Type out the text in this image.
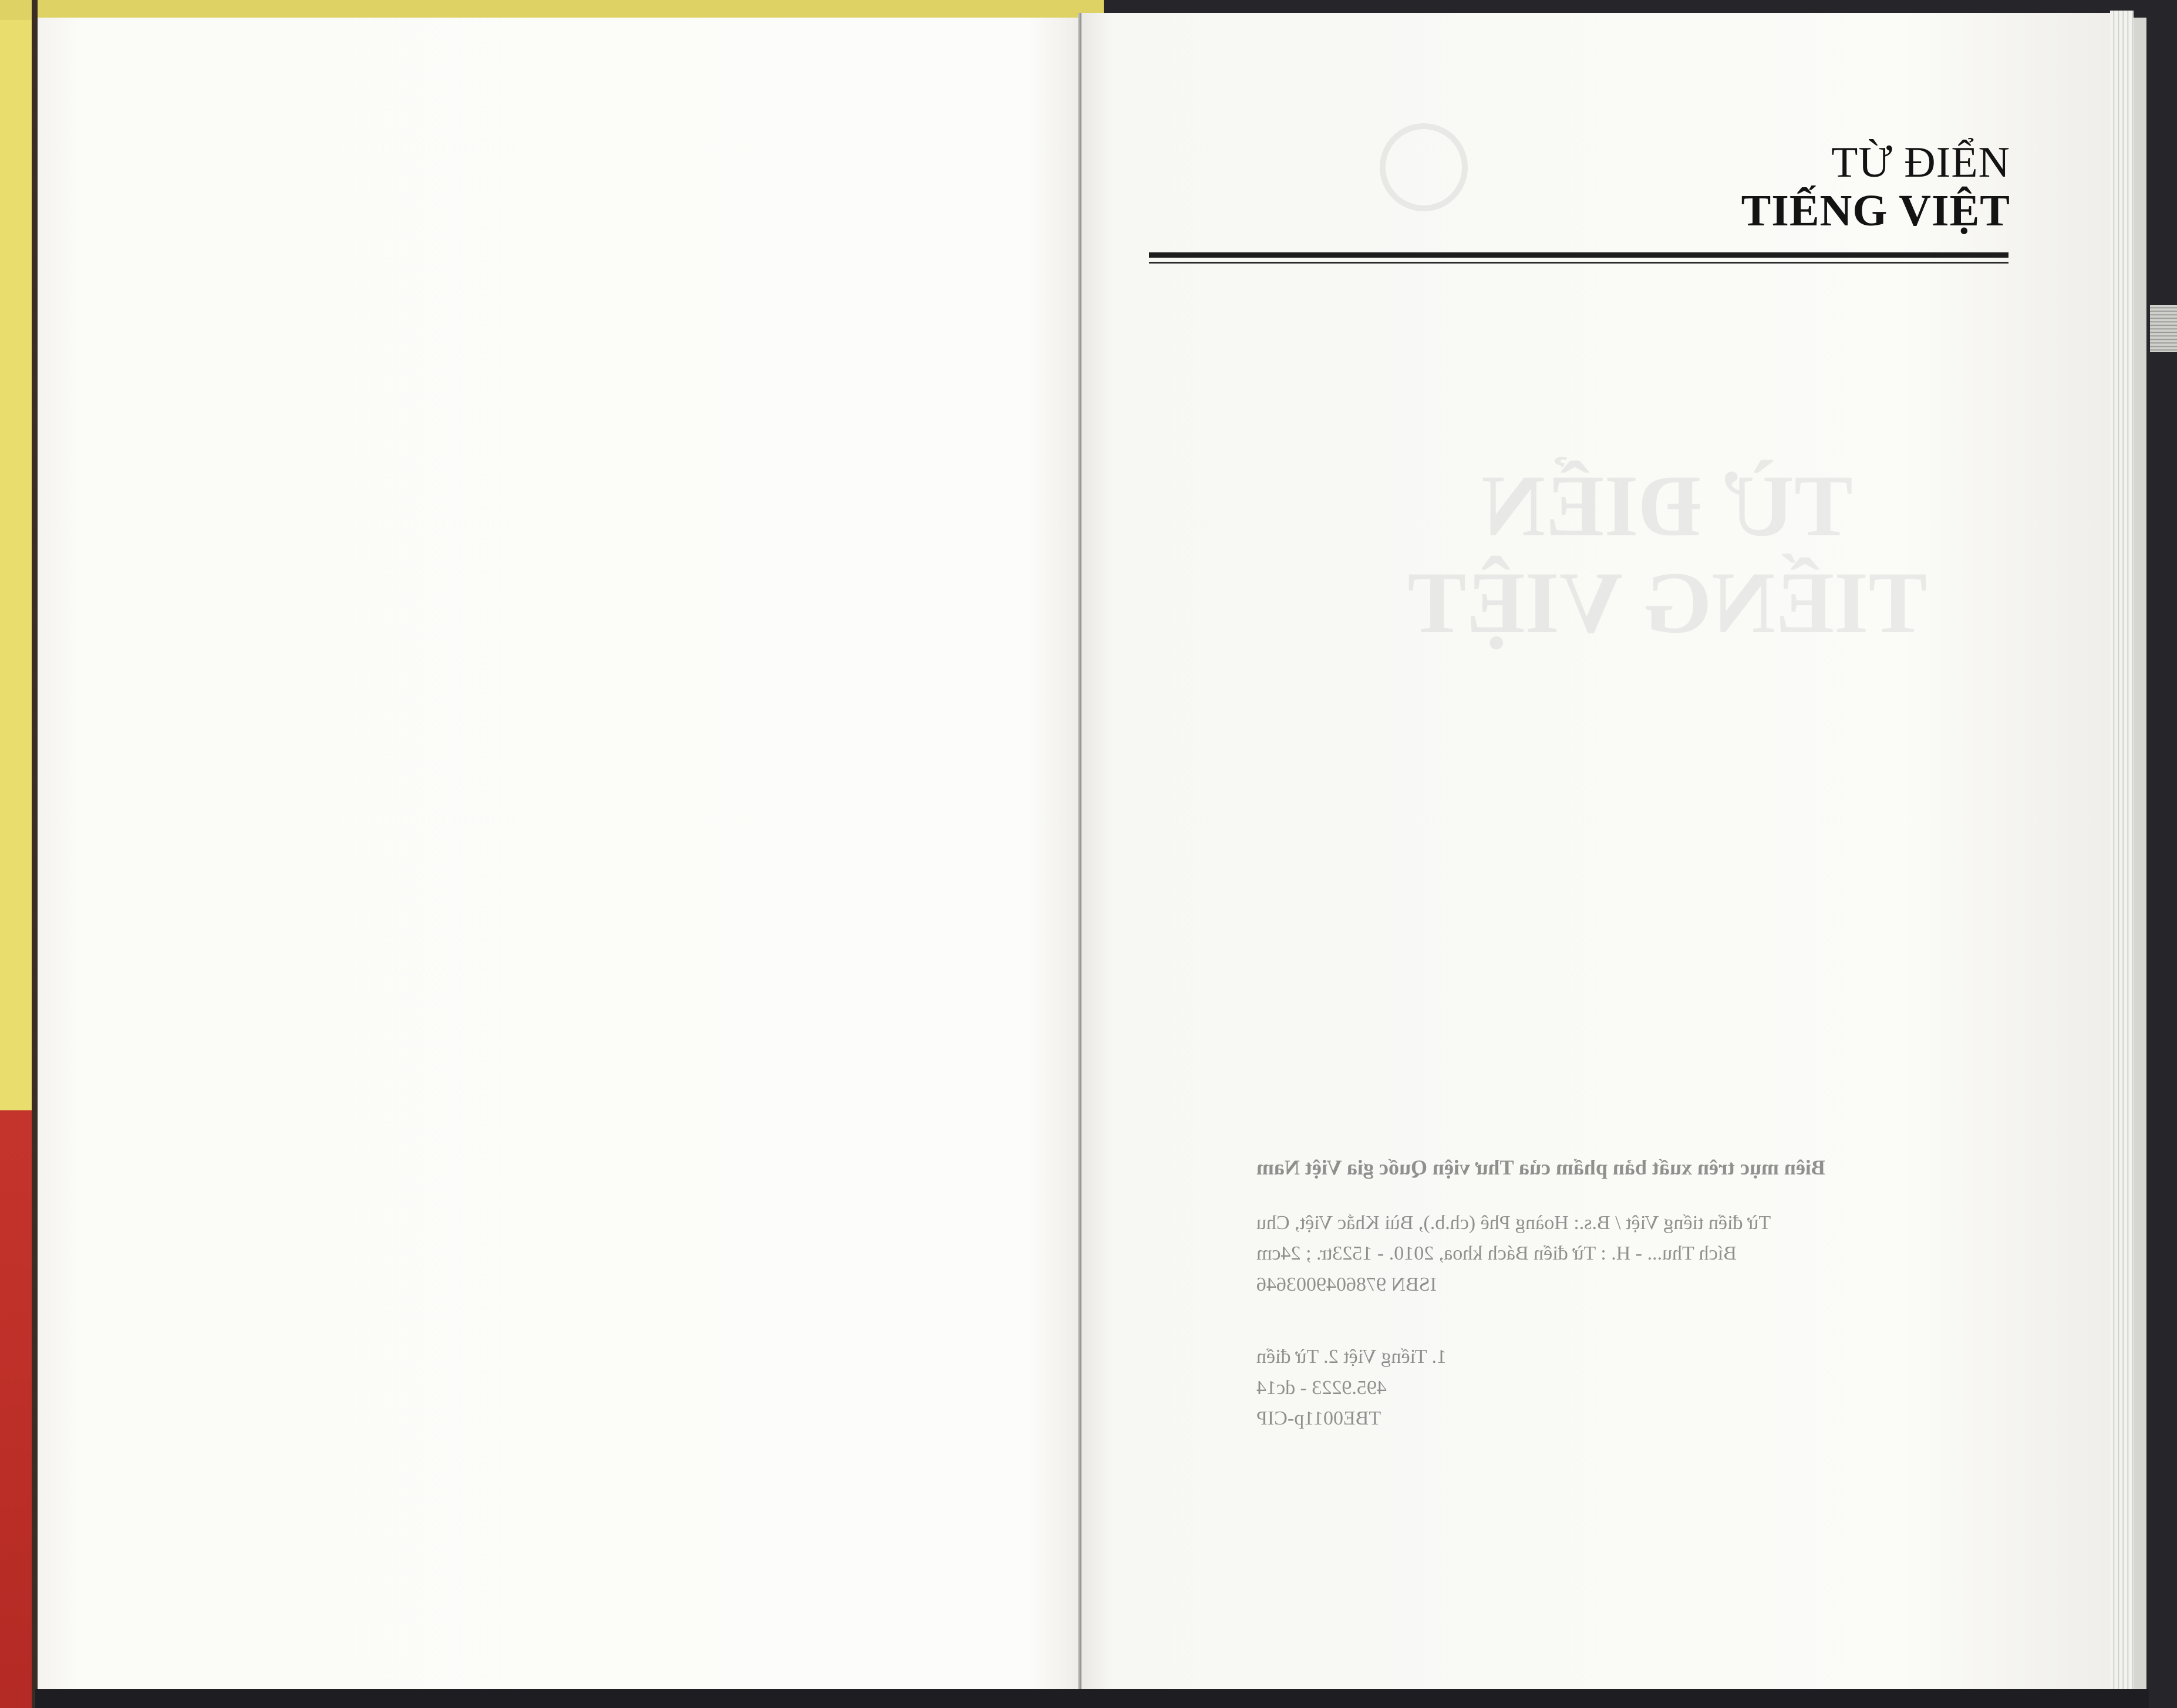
TỪ ĐIỂN TIẾNG VIỆT
Biên mục trên xuất bản phẩm của Thư viện Quốc gia Việt Nam
Từ điển tiếng Việt / B.s.: Hoàng Phê (ch.b.), Bùi Khắc Việt, Chu
Bích Thu... - H. : Từ điển Bách khoa, 2010. - 1523tr. ; 24cm
ISBN 9786049003646
1. Tiếng Việt 2. Từ điển
495.9223 - dc14
TBE0011p-CIP
TỪ ĐIỂN
TIẾNG VIỆT
